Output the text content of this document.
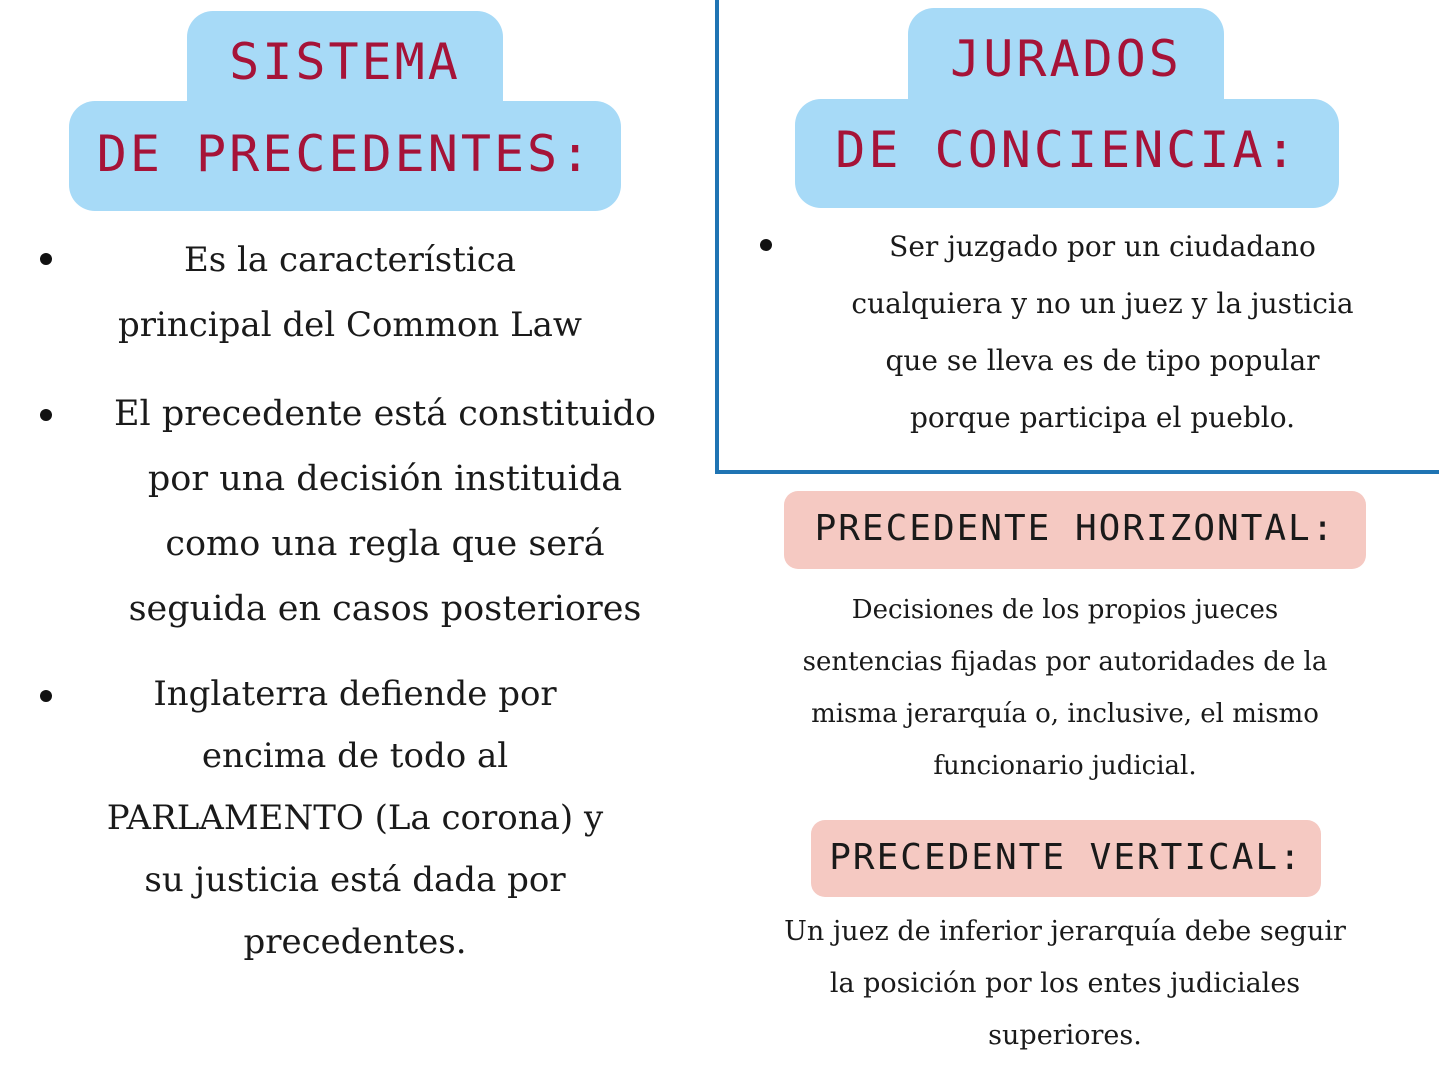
SISTEMA
DE PRECEDENTES:
Es la característica
principal del Common Law
El precedente está constituido
por una decisión instituida
como una regla que será
seguida en casos posteriores
Inglaterra defiende por
encima de todo al
PARLAMENTO (La corona) y
su justicia está dada por
precedentes.
JURADOS
DE CONCIENCIA:
Ser juzgado por un ciudadano
cualquiera y no un juez y la justicia
que se lleva es de tipo popular
porque participa el pueblo.
PRECEDENTE HORIZONTAL:
Decisiones de los propios jueces
sentencias fijadas por autoridades de la
misma jerarquía o, inclusive, el mismo
funcionario judicial.
PRECEDENTE VERTICAL:
Un juez de inferior jerarquía debe seguir
la posición por los entes judiciales
superiores.
